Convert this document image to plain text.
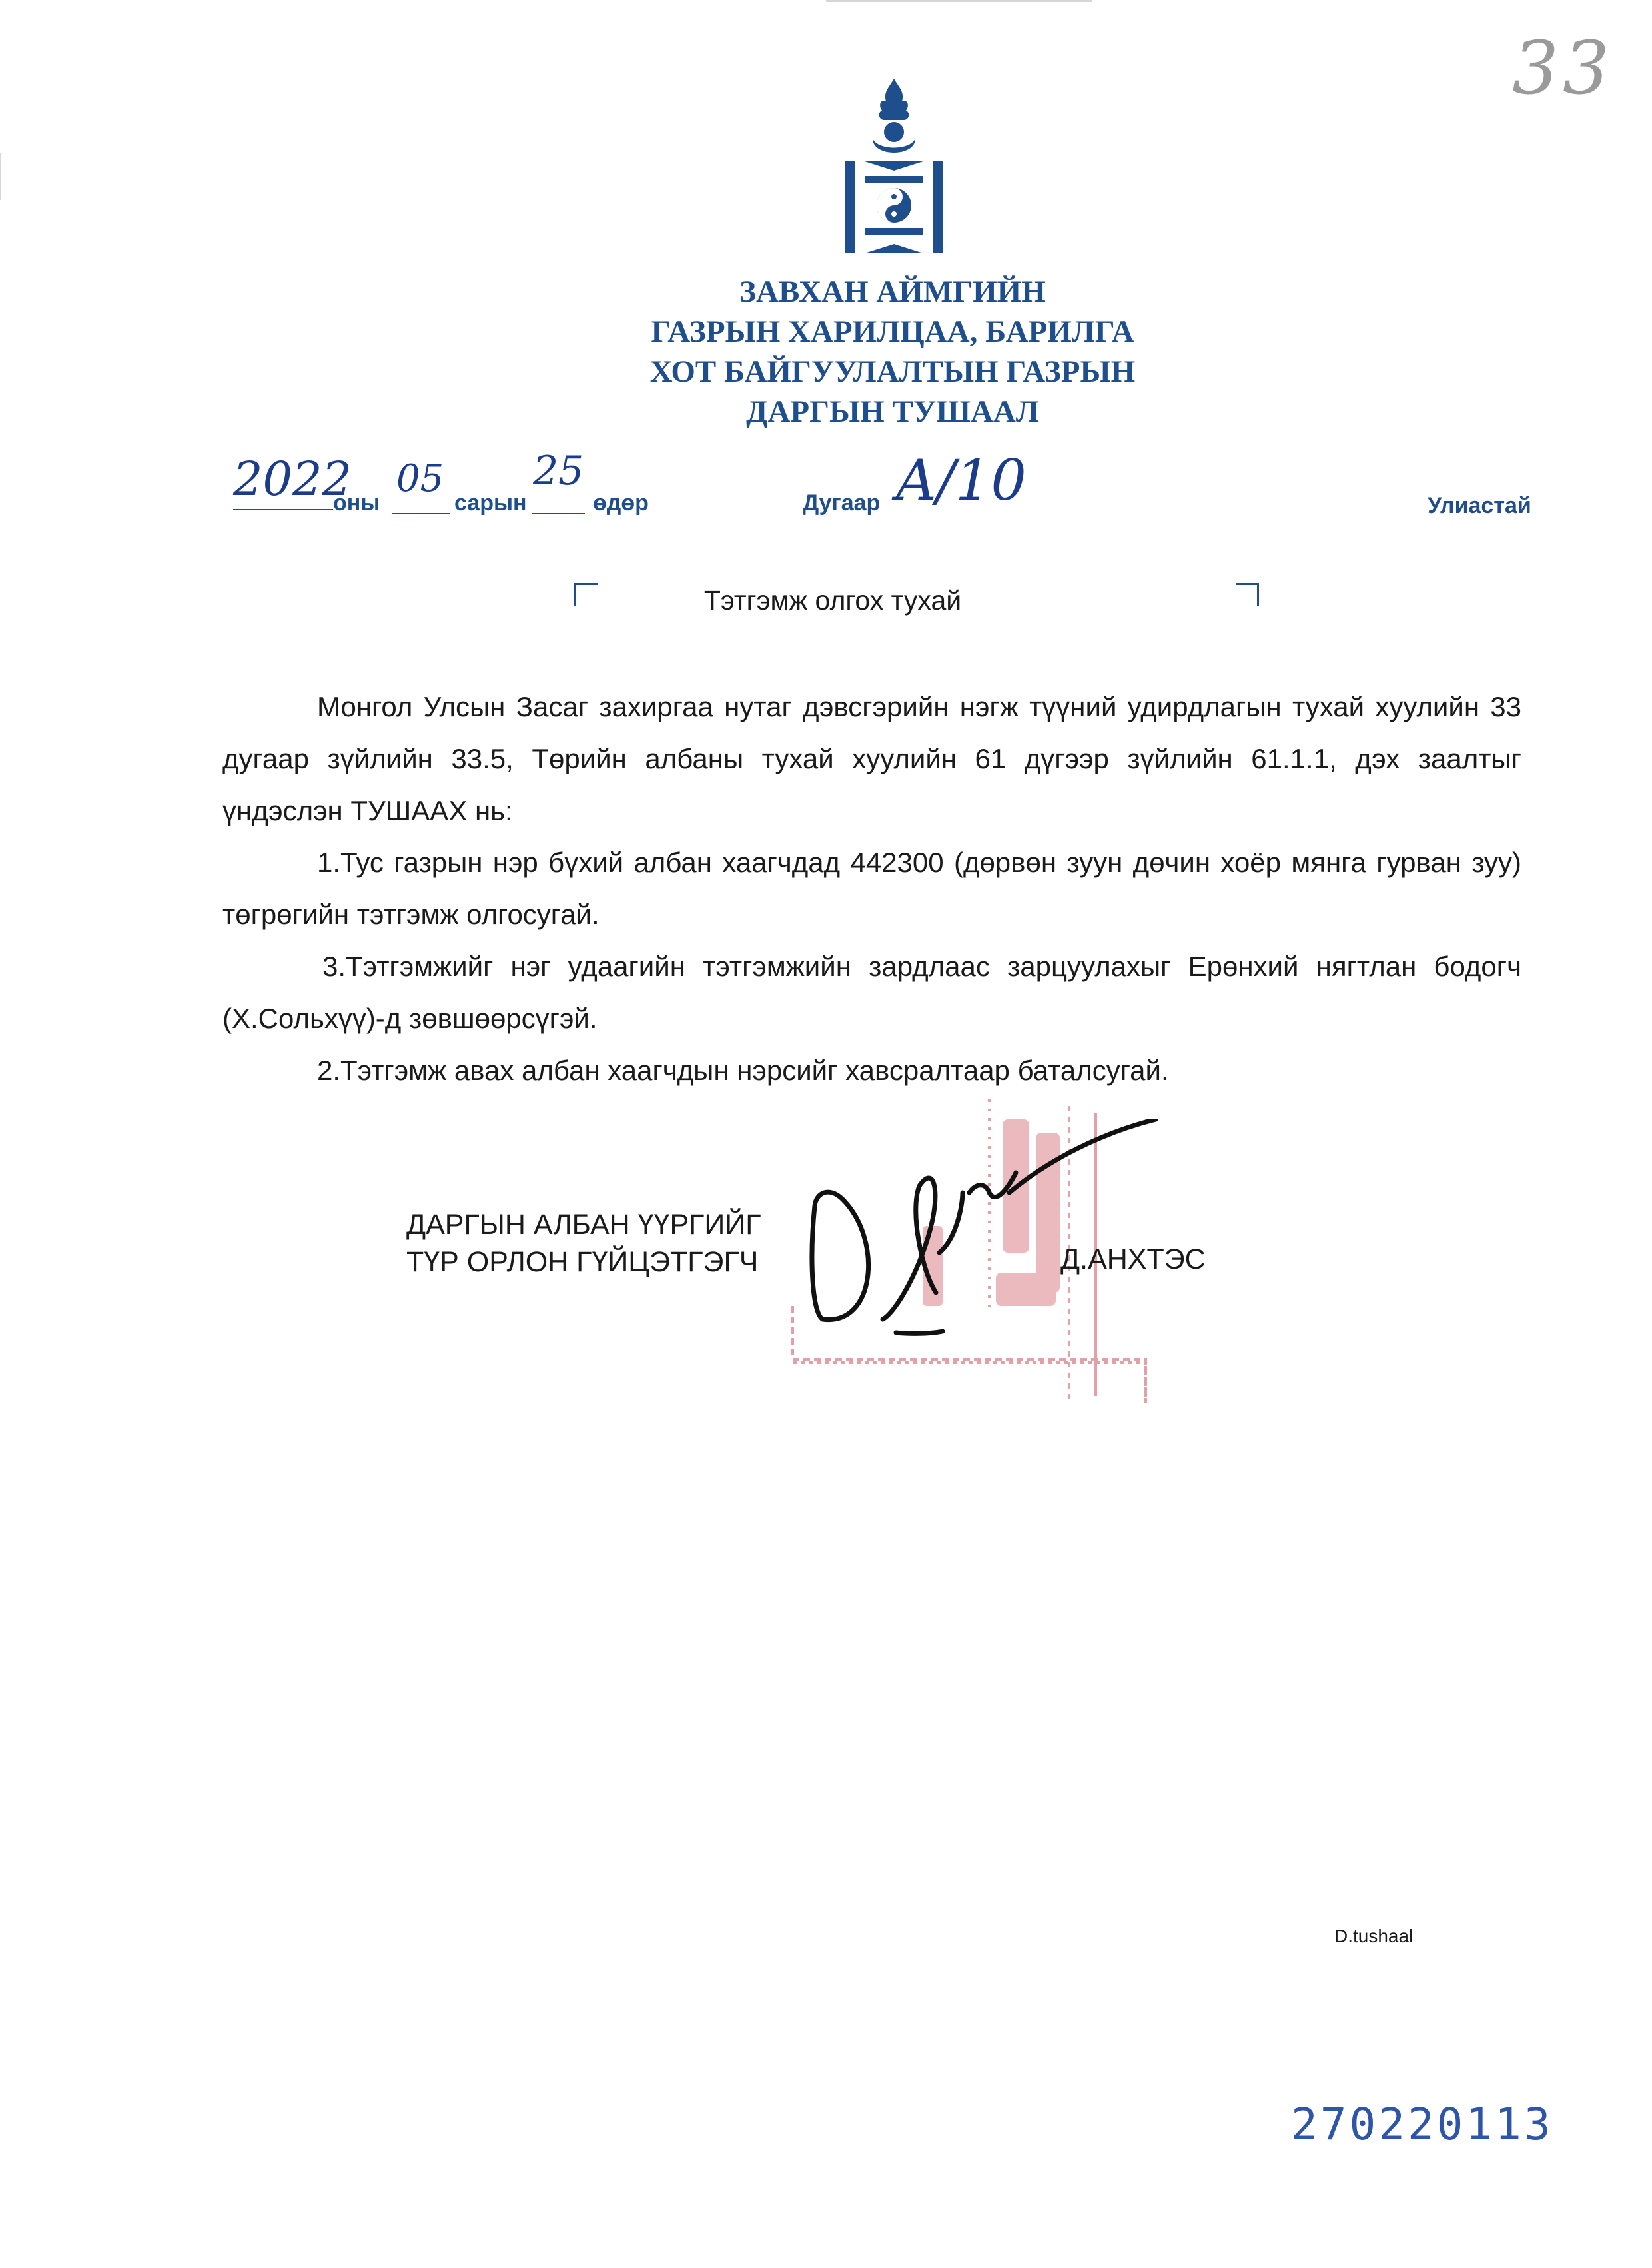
33
ЗАВХАН АЙМГИЙН
ГАЗРЫН ХАРИЛЦАА, БАРИЛГА
ХОТ БАЙГУУЛАЛТЫН ГАЗРЫН
ДАРГЫН ТУШААЛ
2022
оны
05
сарын
25
өдөр	Дугаар A/10	Улиастай
Тэтгэмж олгох тухай

Монгол Улсын Засаг захиргаа нутаг дэвсгэрийн нэгж түүний удирдлагын тухай хуулийн 33 дугаар зүйлийн 33.5, Төрийн албаны тухай хуулийн 61 дүгээр зүйлийн 61.1.1, дэх заалтыг үндэслэн ТУШААХ нь:

1.Тус газрын нэр бүхий албан хаагчдад 442300 (дөрвөн зуун дөчин хоёр мянга гурван зуу) төгрөгийн тэтгэмж олгосугай.

3.Тэтгэмжийг нэг удаагийн тэтгэмжийн зардлаас зарцуулахыг Ерөнхий нягтлан бодогч (Х.Сольхүү)-д зөвшөөрсүгэй.

2.Тэтгэмж авах албан хаагчдын нэрсийг хавсралтаар баталсугай.

ДАРГЫН АЛБАН ҮҮРГИЙГ
ТҮР ОРЛОН ГҮЙЦЭТГЭГЧ	Д.АНХТЭС
D.tushaal
270220113
